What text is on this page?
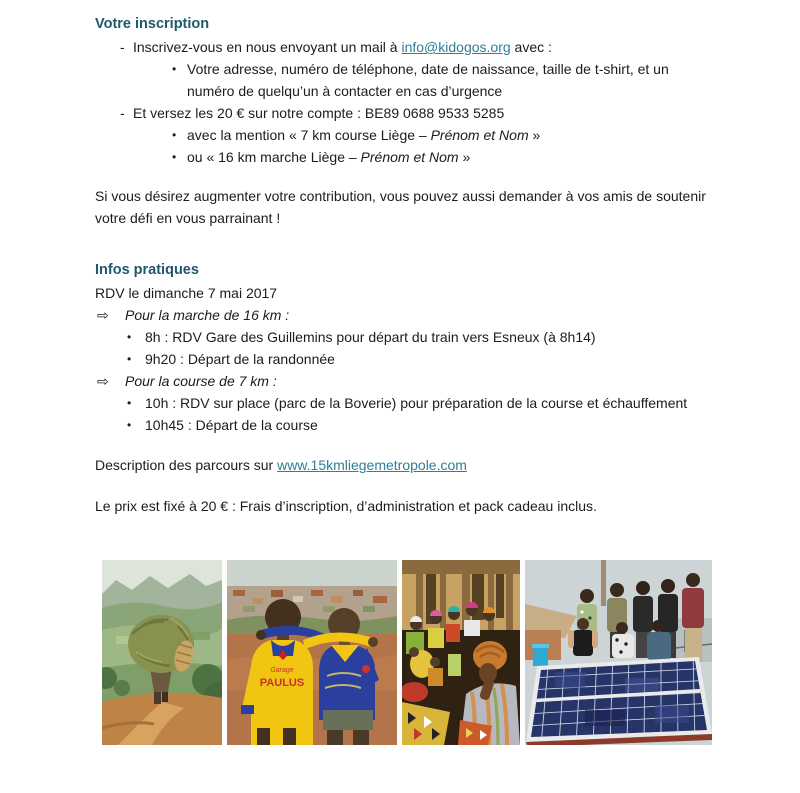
Votre inscription
- Inscrivez-vous en nous envoyant un mail à info@kidogos.org avec :
• Votre adresse, numéro de téléphone, date de naissance, taille de t-shirt, et un numéro de quelqu’un à contacter en cas d’urgence
- Et versez les 20 € sur notre compte : BE89 0688 9533 5285
• avec la mention « 7 km course Liège – Prénom et Nom »
• ou « 16 km marche Liège – Prénom et Nom »

Si vous désirez augmenter votre contribution, vous pouvez aussi demander à vos amis de soutenir votre défi en vous parrainant !

Infos pratiques

RDV le dimanche 7 mai 2017

⇨	Pour la marche de 16 km :
• 8h : RDV Gare des Guillemins pour départ du train vers Esneux (à 8h14)
• 9h20 : Départ de la randonnée
⇨	Pour la course de 7 km :
• 10h : RDV sur place (parc de la Boverie) pour préparation de la course et échauffement
• 10h45 : Départ de la course

Description des parcours sur www.15kmliegemetropole.com

Le prix est fixé à 20 € : Frais d’inscription, d’administration et pack cadeau inclus.

Garage
PAULUS
